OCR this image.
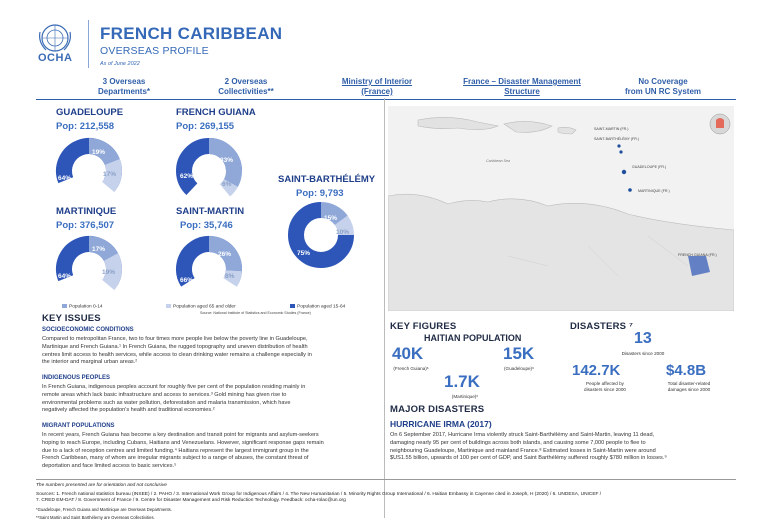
OCHA
FRENCH CARIBBEAN
OVERSEAS PROFILE
As of June 2022
3 Overseas
Departments*
2 Overseas
Collectivities**
Ministry of Interior
(France)
France – Disaster Management
Structure
No Coverage
from UN RC System
GUADELOUPE
Pop: 212,558
FRENCH GUIANA
Pop: 269,155
MARTINIQUE
Pop: 376,507
SAINT-MARTIN
Pop: 35,746
SAINT-BARTHÉLÉMY
Pop: 9,793
19%
17%
64%
33%
6%
62%
17%
19%
64%
26%
8%
66%
15%
10%
75%
Population 0-14	Population aged 65 and older	Population aged 15-64
Source: National Institute of Statistics and Economic Studies (France)
SAINT-MARTIN (FR.)
SAINT-BARTHÉLÉMY (FR.)
GUADELOUPE (FR.)
MARTINIQUE (FR.)
FRENCH GUIANA (FR.)
Caribbean Sea
KEY ISSUES
SOCIOECONOMIC CONDITIONS
Compared to metropolitan France, two to four times more people live below the poverty line in Guadeloupe,
Martinique and French Guiana.¹ In French Guiana, the rugged topography and uneven distribution of health
centres limit access to health services, while access to clean drinking water remains a challenge especially in
the interior and marginal urban areas.²
INDIGENOUS PEOPLES
In French Guiana, indigenous peoples account for roughly five per cent of the population residing mainly in
remote areas which lack basic infrastructure and access to services.³ Gold mining has given rise to
environmental problems such as water pollution, deforestation and malaria transmission, which have
negatively affected the population's health and traditional economies.²
MIGRANT POPULATIONS
In recent years, French Guiana has become a key destination and transit point for migrants and asylum-seekers
hoping to reach Europe, including Cubans, Haitians and Venezuelans. However, significant response gaps remain
due to a lack of reception centres and limited funding.⁴ Haitians represent the largest immigrant group in the
French Caribbean, many of whom are irregular migrants subject to a range of abuses, the constant threat of
deportation and face limited access to basic services.⁵
KEY FIGURES
HAITIAN POPULATION
40K
(French Guiana)⁶
15K
(Guadeloupe)⁶
1.7K
(Martinique)⁶
DISASTERS ⁷
13
Disasters since 2000
142.7K
People affected by
disasters since 2000
$4.8B
Total disaster-related
damages since 2000
MAJOR DISASTERS
HURRICANE IRMA (2017)
On 6 September 2017, Hurricane Irma violently struck Saint-Barthélémy and Saint-Martin, leaving 11 dead,
damaging nearly 95 per cent of buildings across both islands, and causing some 7,000 people to flee to
neighbouring Guadeloupe, Martinique and mainland France.⁸ Estimated losses in Saint-Martin were around
$US1.55 billion, upwards of 100 per cent of GDP, and Saint Barthélémy suffered roughly $780 million in losses.⁹
The numbers presented are for orientation and not conclusive
Sources: 1. French national statistics bureau (INSEE) / 2. PAHO / 3. International Work Group for Indigenous Affairs / 4. The New Humanitarian / 5. Minority Rights Group International / 6. Haitian Embassy in Cayenne cited in Joseph, H (2020) / 6. UNDESA, UNICEF /
7. CRED EM-DAT / 8. Government of France / 9. Centre for Disaster Management and Risk Reduction Technology. Feedback: ocha-rolac@un.org
*Guadeloupe, French Guiana and Martinique are Overseas Departments.
**Saint Martin and Saint Barthélemy are Overseas Collectivities.
